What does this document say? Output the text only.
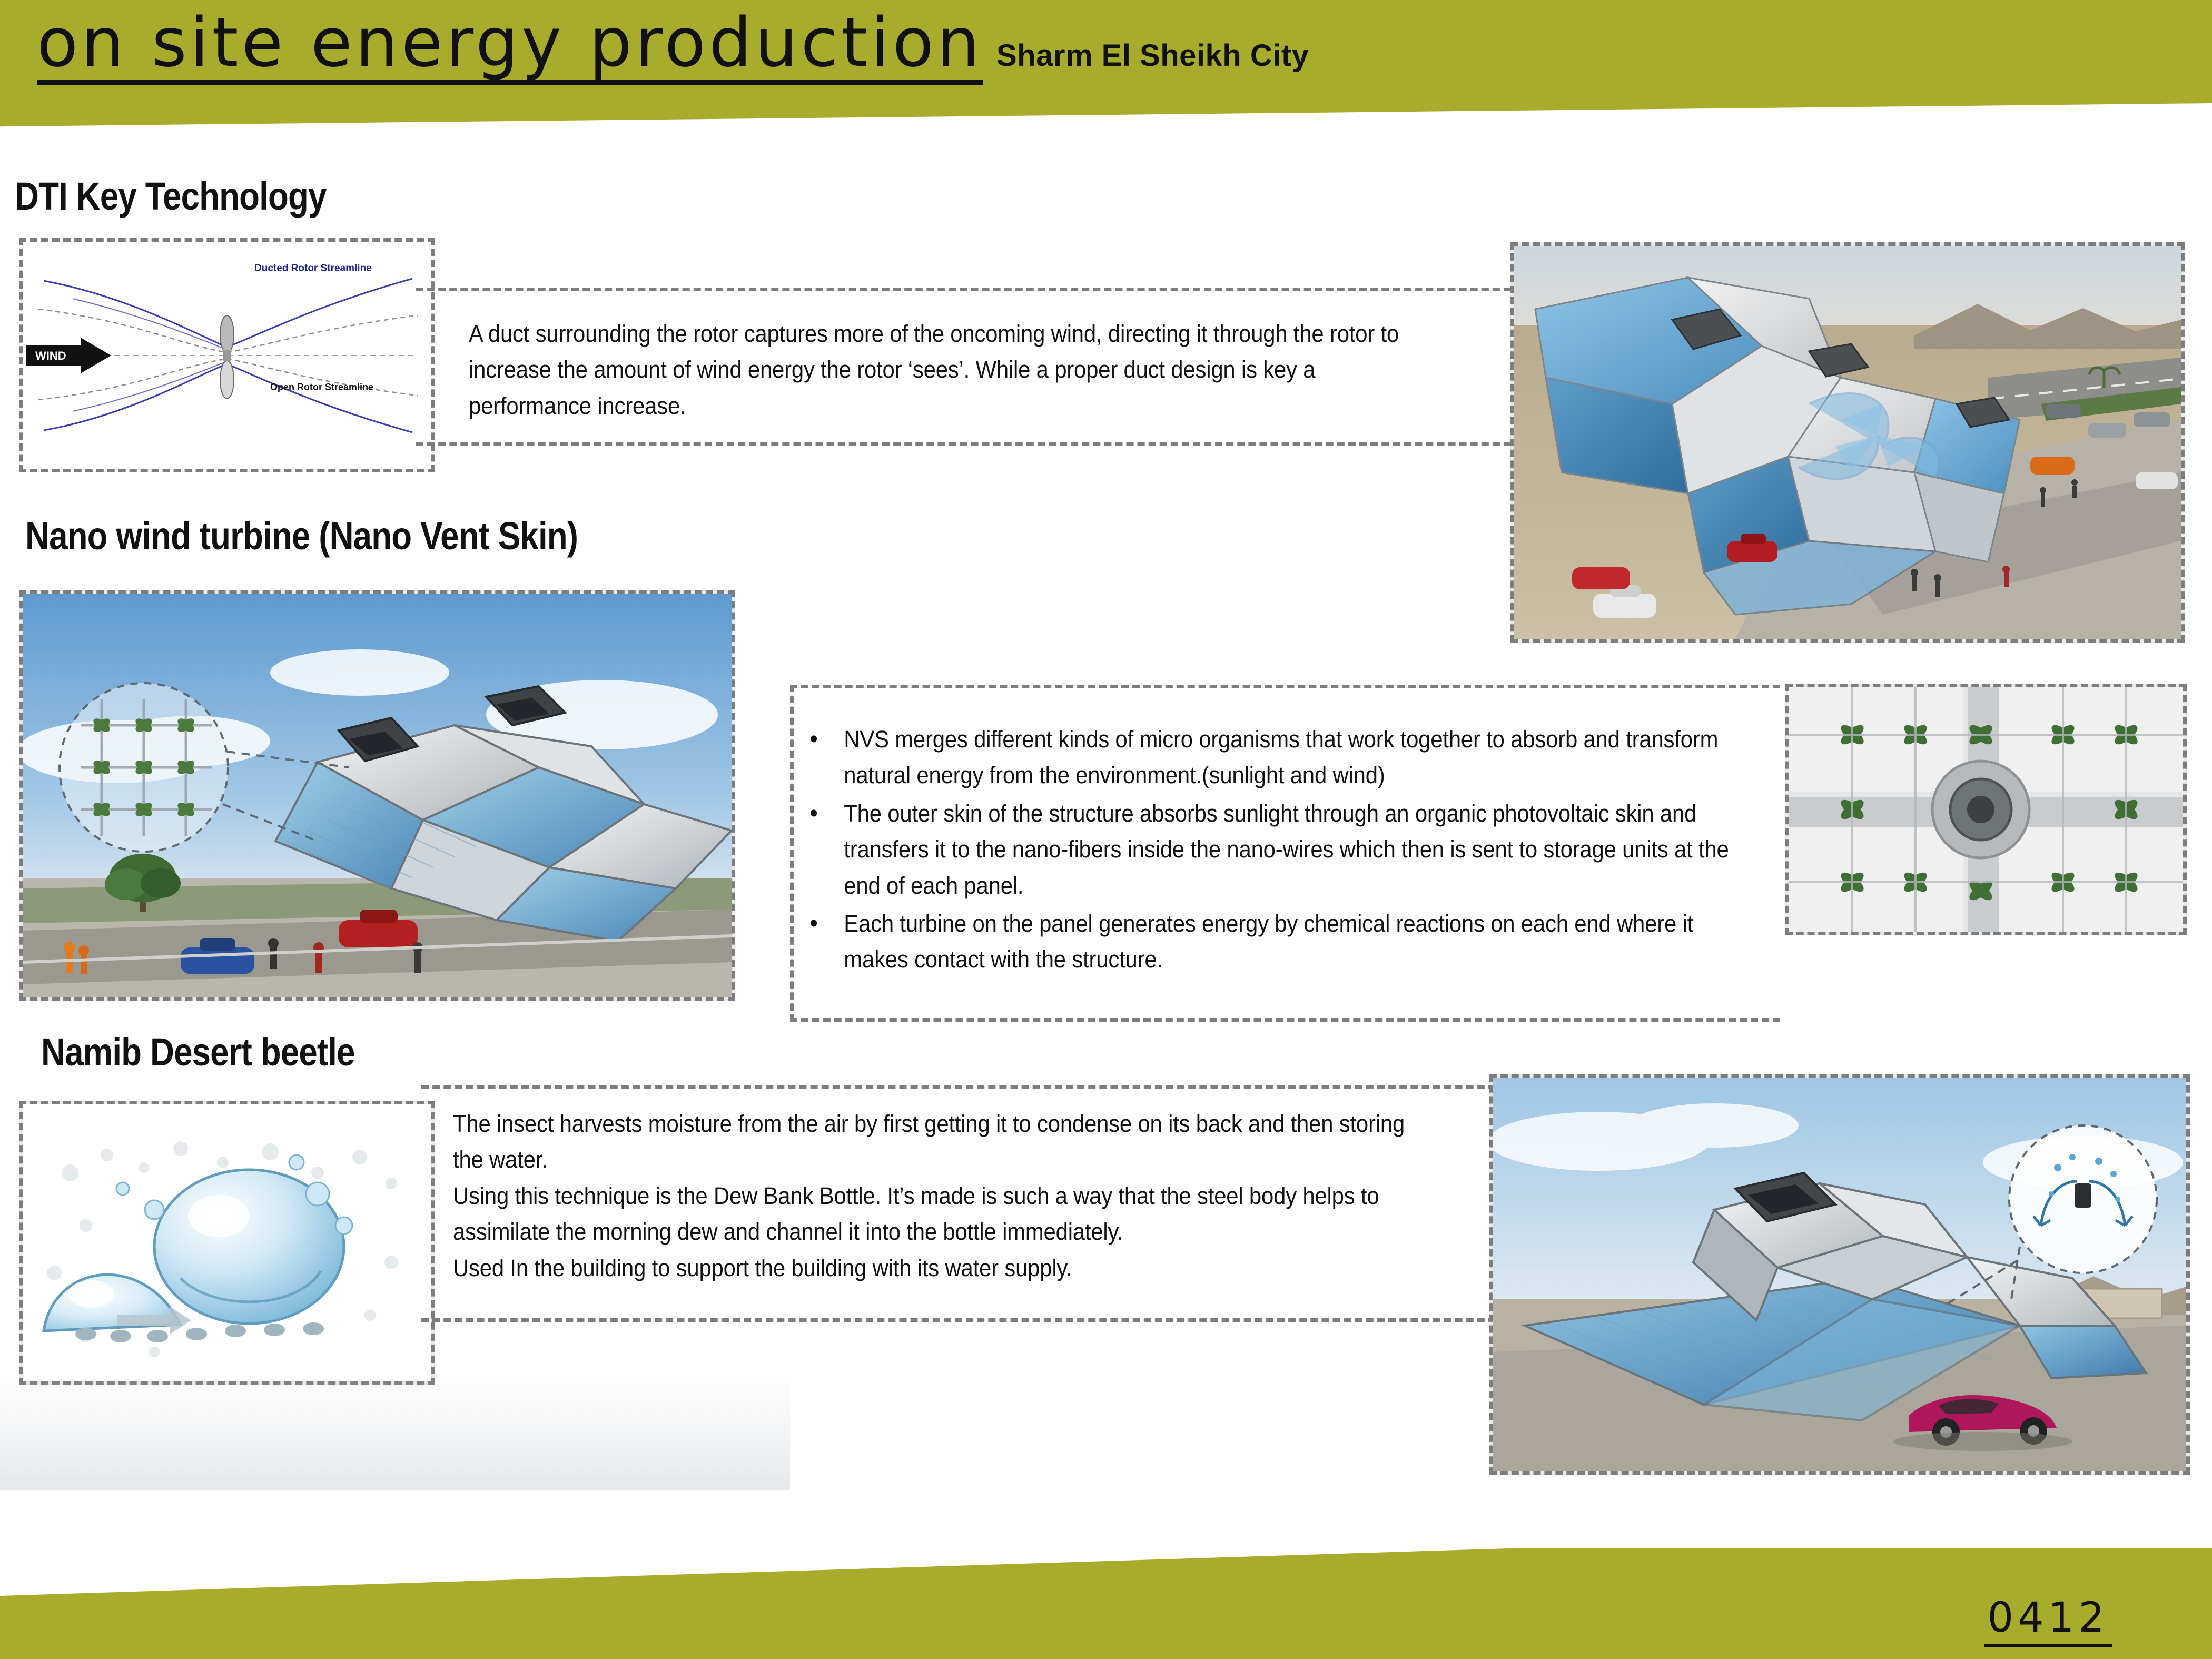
on site energy production Sharm El Sheikh City
DTI Key Technology
Nano wind turbine (Nano Vent Skin)
Namib Desert beetle
WIND
Ducted Rotor Streamline
Open Rotor Streamline
A duct surrounding the rotor captures more of the oncoming wind, directing it through the rotor to increase the amount of wind energy the rotor ‘sees’. While a proper duct design is key a performance increase.
• NVS merges different kinds of micro organisms that work together to absorb and transform natural energy from the environment.(sunlight and wind)
• The outer skin of the structure absorbs sunlight through an organic photovoltaic skin and transfers it to the nano-fibers inside the nano-wires which then is sent to storage units at the end of each panel.
• Each turbine on the panel generates energy by chemical reactions on each end where it makes contact with the structure.
The insect harvests moisture from the air by first getting it to condense on its back and then storing the water.
Using this technique is the Dew Bank Bottle. It’s made is such a way that the steel body helps to assimilate the morning dew and channel it into the bottle immediately.
Used In the building to support the building with its water supply.
0412
